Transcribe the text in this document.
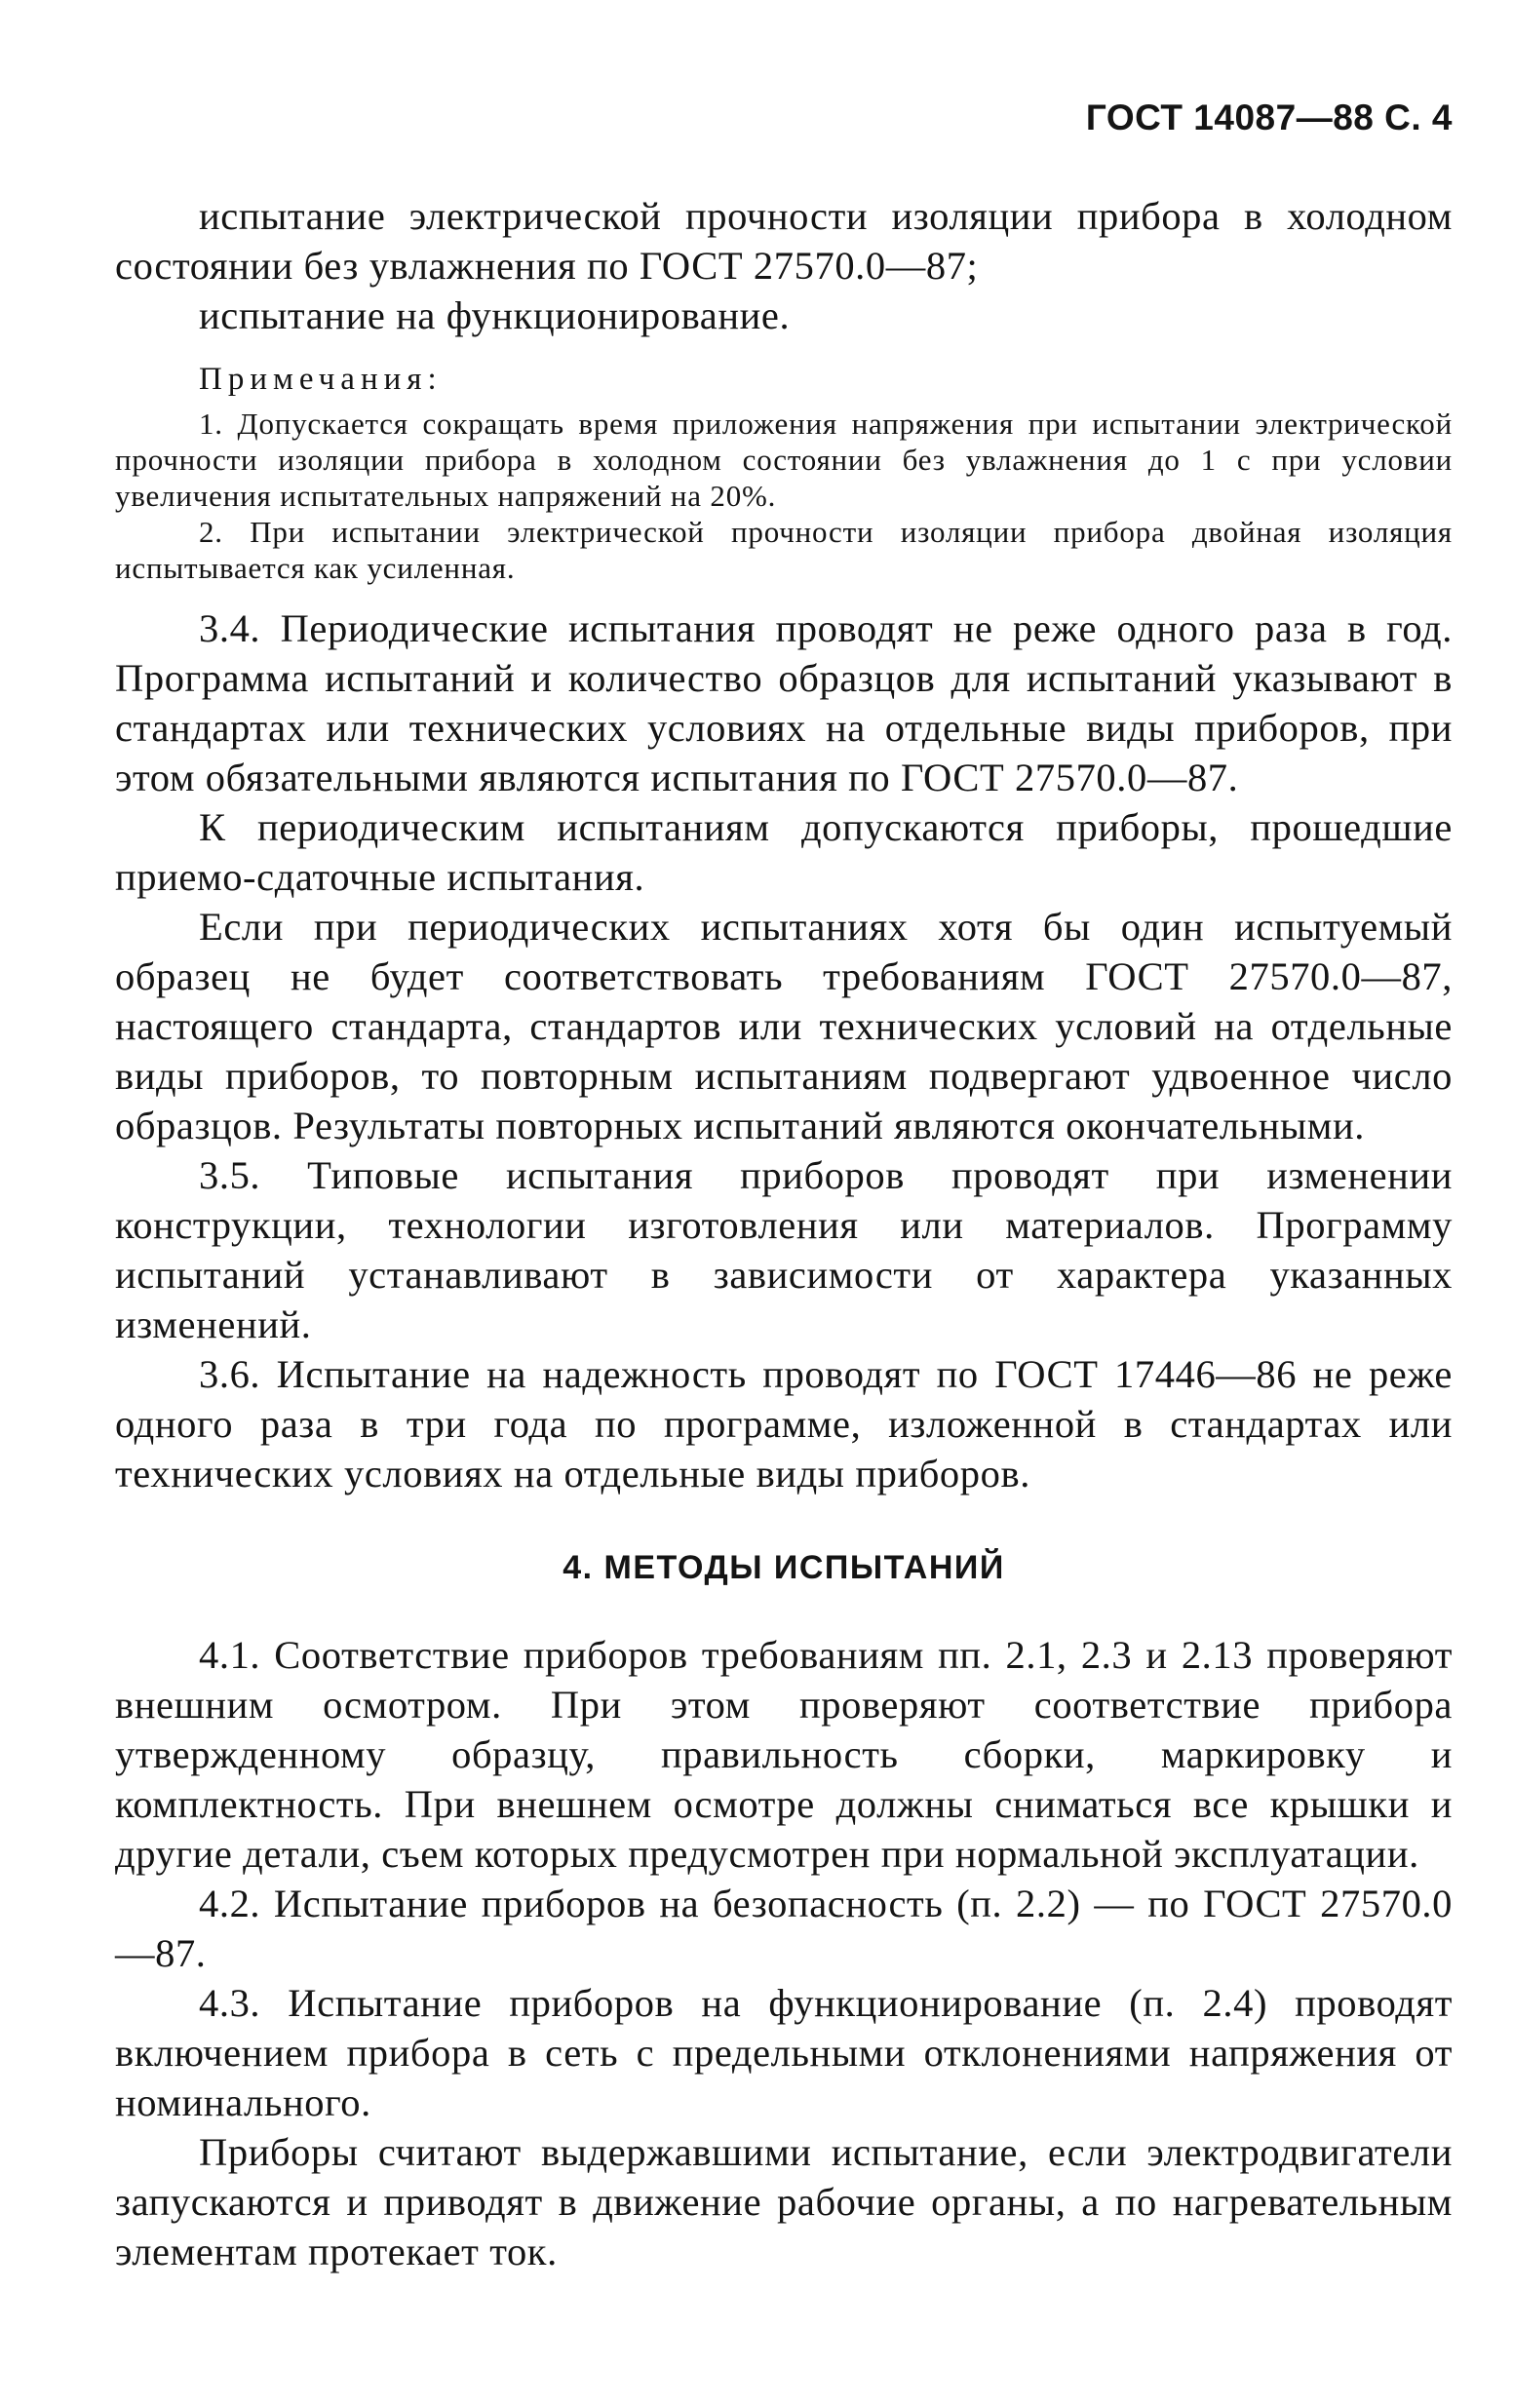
ГОСТ 14087—88 С. 4

испытание электрической прочности изоляции прибора в холодном состоянии без увлажнения по ГОСТ 27570.0—87;

испытание на функционирование.

Примечания:

1. Допускается сокращать время приложения напряжения при испытании электрической прочности изоляции прибора в холодном состоянии без увлажнения до 1 с при условии увеличения испытательных напряжений на 20%.

2. При испытании электрической прочности изоляции прибора двойная изоляция испытывается как усиленная.

3.4. Периодические испытания проводят не реже одного раза в год. Программа испытаний и количество образцов для испытаний указывают в стандартах или технических условиях на отдельные виды приборов, при этом обязательными являются испытания по ГОСТ 27570.0—87.

К периодическим испытаниям допускаются приборы, прошедшие приемо-сдаточные испытания.

Если при периодических испытаниях хотя бы один испытуемый образец не будет соответствовать требованиям ГОСТ 27570.0—87, настоящего стандарта, стандартов или технических условий на отдельные виды приборов, то повторным испытаниям подвергают удвоенное число образцов. Результаты повторных испытаний являются окончательными.

3.5. Типовые испытания приборов проводят при изменении конструкции, технологии изготовления или материалов. Программу испытаний устанавливают в зависимости от характера указанных изменений.

3.6. Испытание на надежность проводят по ГОСТ 17446—86 не реже одного раза в три года по программе, изложенной в стандартах или технических условиях на отдельные виды приборов.

4. МЕТОДЫ ИСПЫТАНИЙ

4.1. Соответствие приборов требованиям пп. 2.1, 2.3 и 2.13 проверяют внешним осмотром. При этом проверяют соответствие прибора утвержденному образцу, правильность сборки, маркировку и комплектность. При внешнем осмотре должны сниматься все крышки и другие детали, съем которых предусмотрен при нормальной эксплуатации.

4.2. Испытание приборов на безопасность (п. 2.2) — по ГОСТ 27570.0—87.

4.3. Испытание приборов на функционирование (п. 2.4) проводят включением прибора в сеть с предельными отклонениями напряжения от номинального.

Приборы считают выдержавшими испытание, если электродвигатели запускаются и приводят в движение рабочие органы, а по нагревательным элементам протекает ток.
